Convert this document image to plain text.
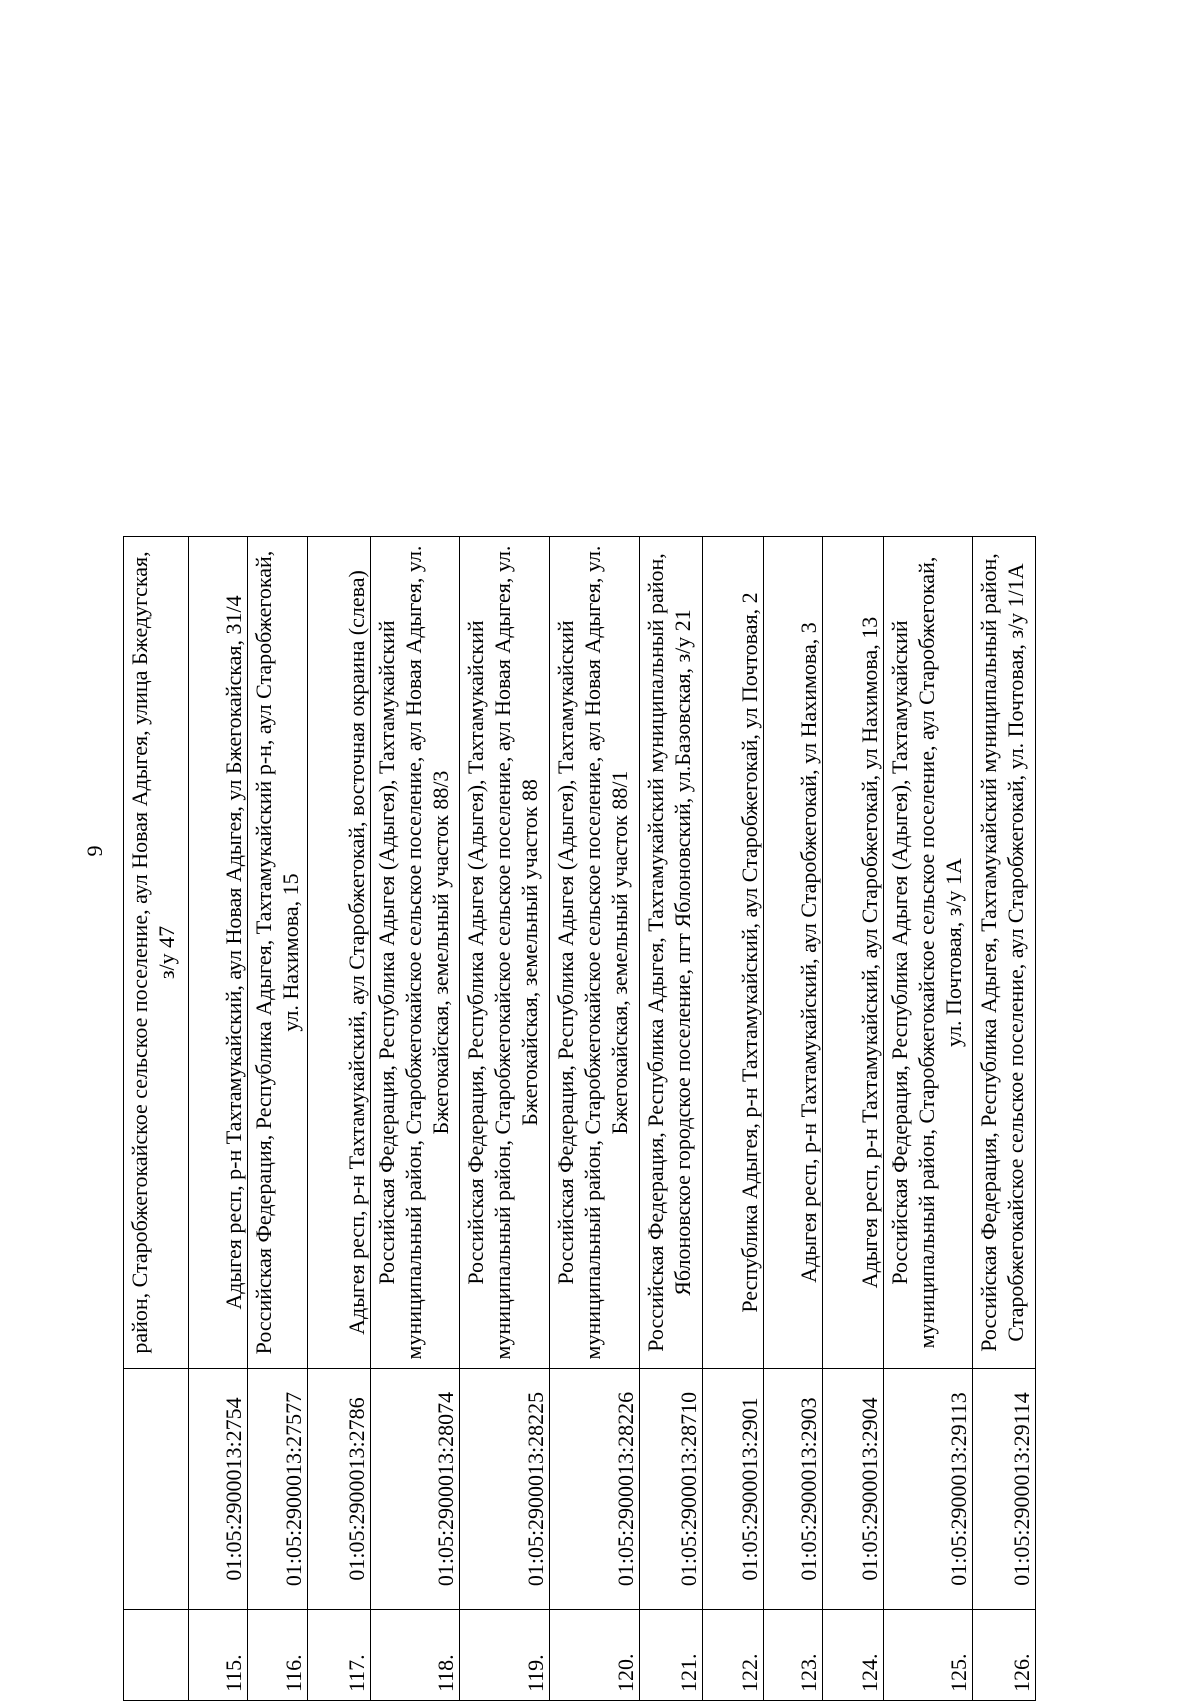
9
		район, Старобжегокайское сельское поселение, аул Новая Адыгея, улица Бжедугская, з/у 47
115.	01:05:2900013:2754	Адыгея респ, р-н Тахтамукайский, аул Новая Адыгея, ул Бжегокайская, 31/4
116.	01:05:2900013:27577	Российская Федерация, Республика Адыгея, Тахтамукайский р-н, аул Старобжегокай, ул. Нахимова, 15
117.	01:05:2900013:2786	Адыгея респ, р-н Тахтамукайский, аул Старобжегокай, восточная окраина (слева)
118.	01:05:2900013:28074	Российская Федерация, Республика Адыгея (Адыгея), Тахтамукайский муниципальный район, Старобжегокайское сельское поселение, аул Новая Адыгея, ул. Бжегокайская, земельный участок 88/3
119.	01:05:2900013:28225	Российская Федерация, Республика Адыгея (Адыгея), Тахтамукайский муниципальный район, Старобжегокайское сельское поселение, аул Новая Адыгея, ул. Бжегокайская, земельный участок 88
120.	01:05:2900013:28226	Российская Федерация, Республика Адыгея (Адыгея), Тахтамукайский муниципальный район, Старобжегокайское сельское поселение, аул Новая Адыгея, ул. Бжегокайская, земельный участок 88/1
121.	01:05:2900013:28710	Российская Федерация, Республика Адыгея, Тахтамукайский муниципальный район, Яблоновское городское поселение, пгт Яблоновский, ул.Базовская, з/у 21
122.	01:05:2900013:2901	Республика Адыгея, р-н Тахтамукайский, аул Старобжегокай, ул Почтовая, 2
123.	01:05:2900013:2903	Адыгея респ, р-н Тахтамукайский, аул Старобжегокай, ул Нахимова, 3
124.	01:05:2900013:2904	Адыгея респ, р-н Тахтамукайский, аул Старобжегокай, ул Нахимова, 13
125.	01:05:2900013:29113	Российская Федерация, Республика Адыгея (Адыгея), Тахтамукайский муниципальный район, Старобжегокайское сельское поселение, аул Старобжегокай, ул. Почтовая, з/у 1А
126.	01:05:2900013:29114	Российская Федерация, Республика Адыгея, Тахтамукайский муниципальный район, Старобжегокайское сельское поселение, аул Старобжегокай, ул. Почтовая, з/у 1/1А
